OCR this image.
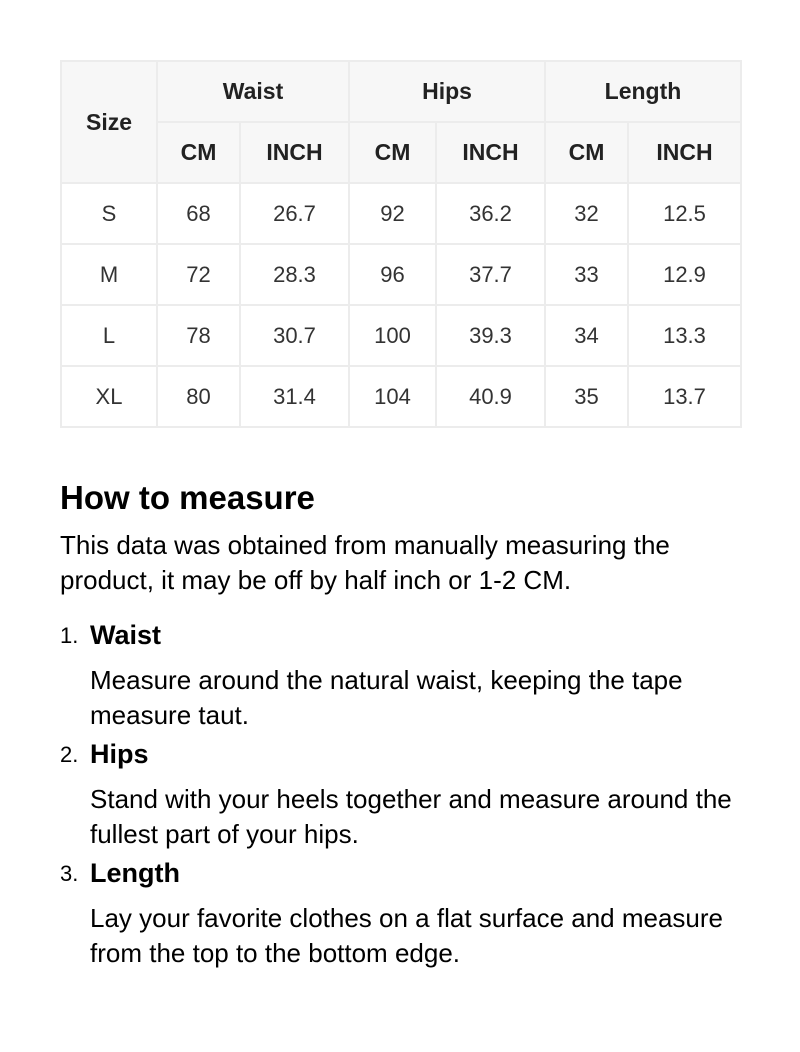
Size	Waist		Hips		Length	
	CM	INCH	CM	INCH	CM	INCH
S	68	26.7	92	36.2	32	12.5
M	72	28.3	96	37.7	33	12.9
L	78	30.7	100	39.3	34	13.3
XL	80	31.4	104	40.9	35	13.7
How to measure

This data was obtained from manually measuring the product, it may be off by half inch or 1-2 CM.

1. Waist

Measure around the natural waist, keeping the tape measure taut.

2. Hips

Stand with your heels together and measure around the fullest part of your hips.

3. Length

Lay your favorite clothes on a flat surface and measure from the top to the bottom edge.
